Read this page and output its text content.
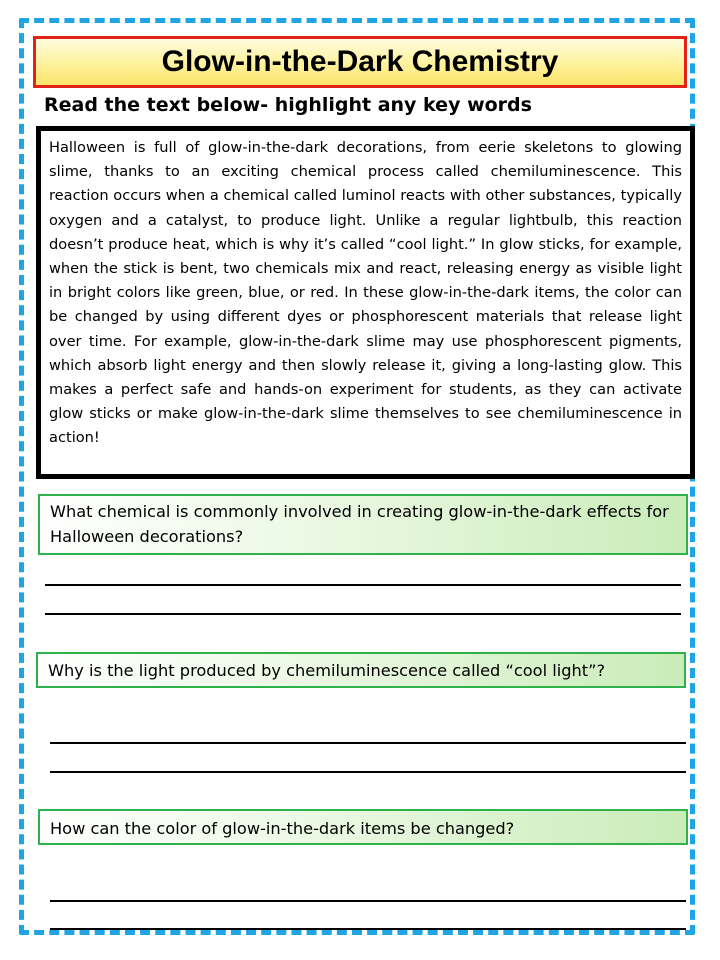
Glow-in-the-Dark Chemistry
Read the text below- highlight any key words
Halloween is full of glow-in-the-dark decorations, from eerie skeletons to glowing slime, thanks to an exciting chemical process called chemiluminescence. This reaction occurs when a chemical called luminol reacts with other substances, typically oxygen and a catalyst, to produce light. Unlike a regular lightbulb, this reaction doesn’t produce heat, which is why it’s called “cool light.” In glow sticks, for example, when the stick is bent, two chemicals mix and react, releasing energy as visible light in bright colors like green, blue, or red. In these glow-in-the-dark items, the color can be changed by using different dyes or phosphorescent materials that release light over time. For example, glow-in-the-dark slime may use phosphorescent pigments, which absorb light energy and then slowly release it, giving a long-lasting glow. This makes a perfect safe and hands-on experiment for students, as they can activate glow sticks or make glow-in-the-dark slime themselves to see chemiluminescence in action!
What chemical is commonly involved in creating glow-in-the-dark effects for Halloween decorations?
Why is the light produced by chemiluminescence called “cool light”?
How can the color of glow-in-the-dark items be changed?
